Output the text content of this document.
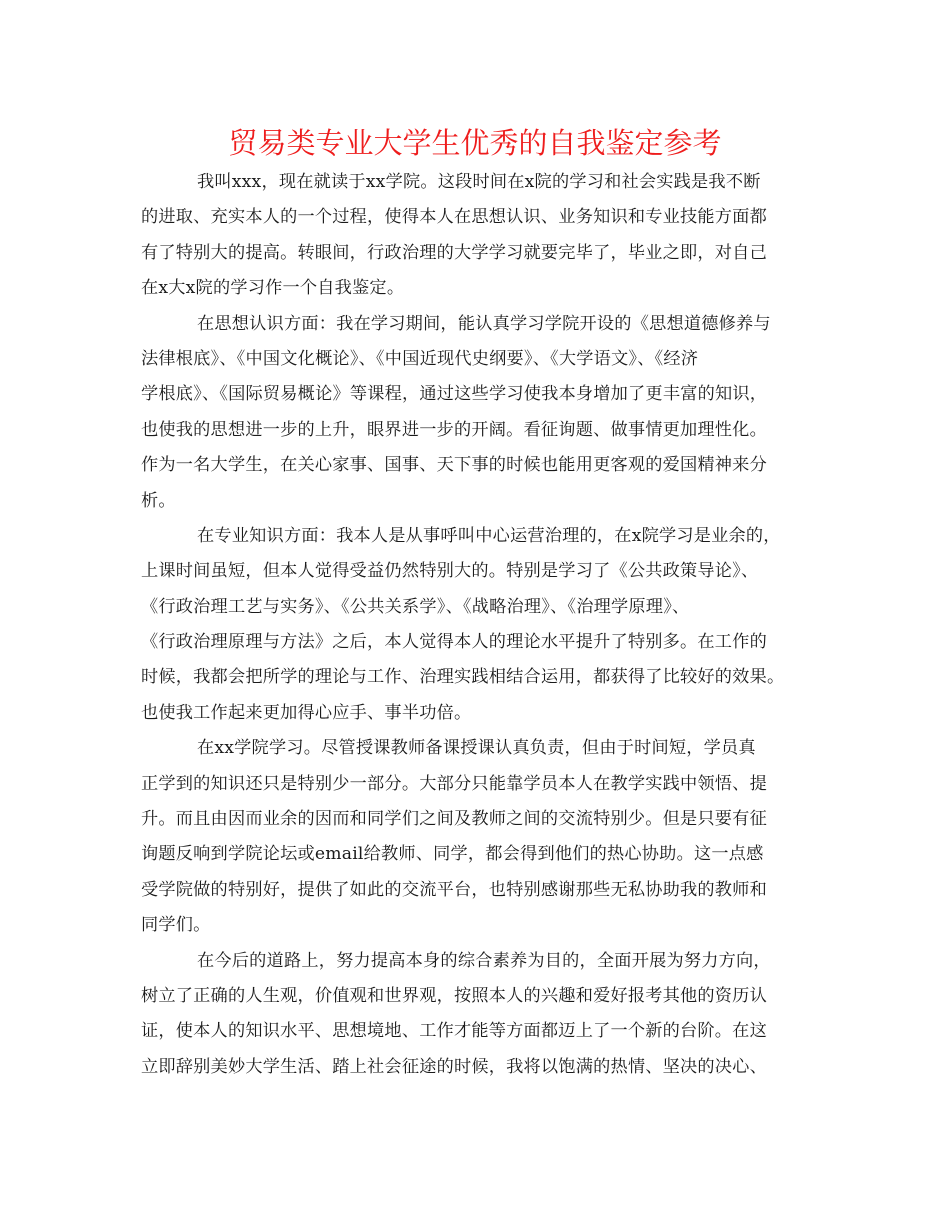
贸易类专业大学生优秀的自我鉴定参考
我叫xxx，现在就读于xx学院。这段时间在x院的学习和社会实践是我不断
的进取、充实本人的一个过程，使得本人在思想认识、业务知识和专业技能方面都
有了特别大的提高。转眼间，行政治理的大学学习就要完毕了，毕业之即，对自己
在x大x院的学习作一个自我鉴定。
在思想认识方面：我在学习期间，能认真学习学院开设的《思想道德修养与
法律根底》、《中国文化概论》、《中国近现代史纲要》、《大学语文》、《经济
学根底》、《国际贸易概论》等课程，通过这些学习使我本身增加了更丰富的知识，
也使我的思想进一步的上升，眼界进一步的开阔。看征询题、做事情更加理性化。
作为一名大学生，在关心家事、国事、天下事的时候也能用更客观的爱国精神来分
析。
在专业知识方面：我本人是从事呼叫中心运营治理的，在x院学习是业余的，
上课时间虽短，但本人觉得受益仍然特别大的。特别是学习了《公共政策导论》、
《行政治理工艺与实务》、《公共关系学》、《战略治理》、《治理学原理》、
《行政治理原理与方法》之后，本人觉得本人的理论水平提升了特别多。在工作的
时候，我都会把所学的理论与工作、治理实践相结合运用，都获得了比较好的效果。
也使我工作起来更加得心应手、事半功倍。
在xx学院学习。尽管授课教师备课授课认真负责，但由于时间短，学员真
正学到的知识还只是特别少一部分。大部分只能靠学员本人在教学实践中领悟、提
升。而且由因而业余的因而和同学们之间及教师之间的交流特别少。但是只要有征
询题反响到学院论坛或email给教师、同学，都会得到他们的热心协助。这一点感
受学院做的特别好，提供了如此的交流平台，也特别感谢那些无私协助我的教师和
同学们。
在今后的道路上，努力提高本身的综合素养为目的，全面开展为努力方向，
树立了正确的人生观，价值观和世界观，按照本人的兴趣和爱好报考其他的资历认
证，使本人的知识水平、思想境地、工作才能等方面都迈上了一个新的台阶。在这
立即辞别美妙大学生活、踏上社会征途的时候，我将以饱满的热情、坚决的决心、
